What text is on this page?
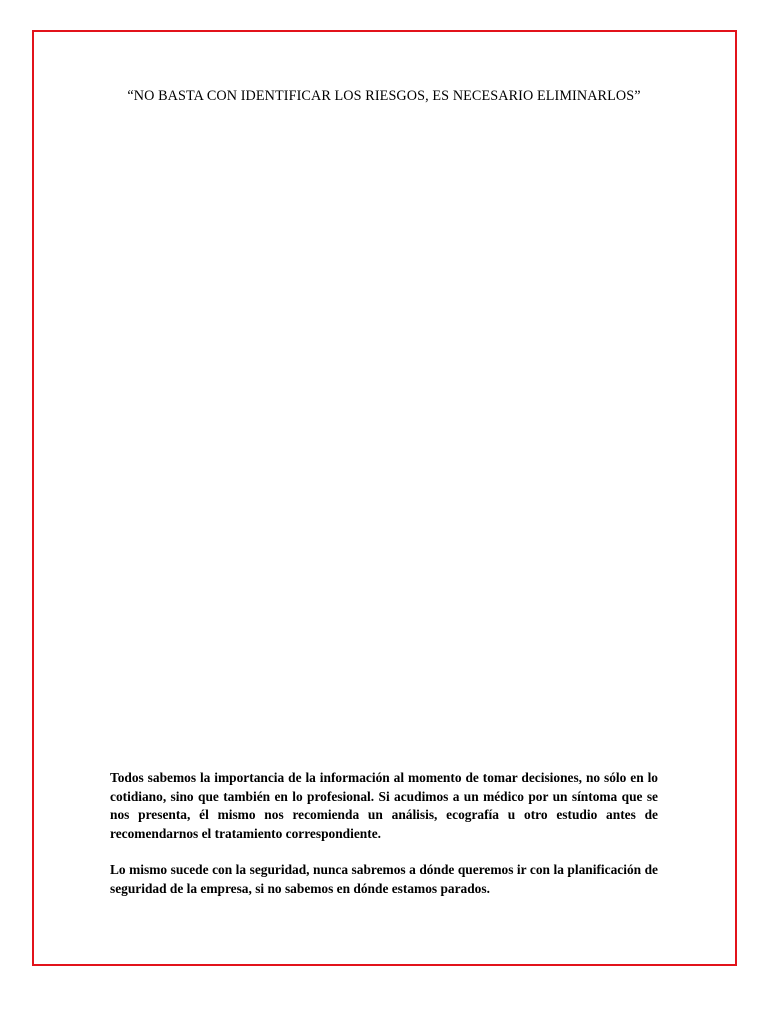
“NO BASTA CON IDENTIFICAR LOS RIESGOS, ES NECESARIO ELIMINARLOS”

Todos sabemos la importancia de la información al momento de tomar decisiones, no sólo en lo cotidiano, sino que también en lo profesional. Si acudimos a un médico por un síntoma que se nos presenta, él mismo nos recomienda un análisis, ecografía u otro estudio antes de recomendarnos el tratamiento correspondiente.

Lo mismo sucede con la seguridad, nunca sabremos a dónde queremos ir con la planificación de seguridad de la empresa, si no sabemos en dónde estamos parados.
